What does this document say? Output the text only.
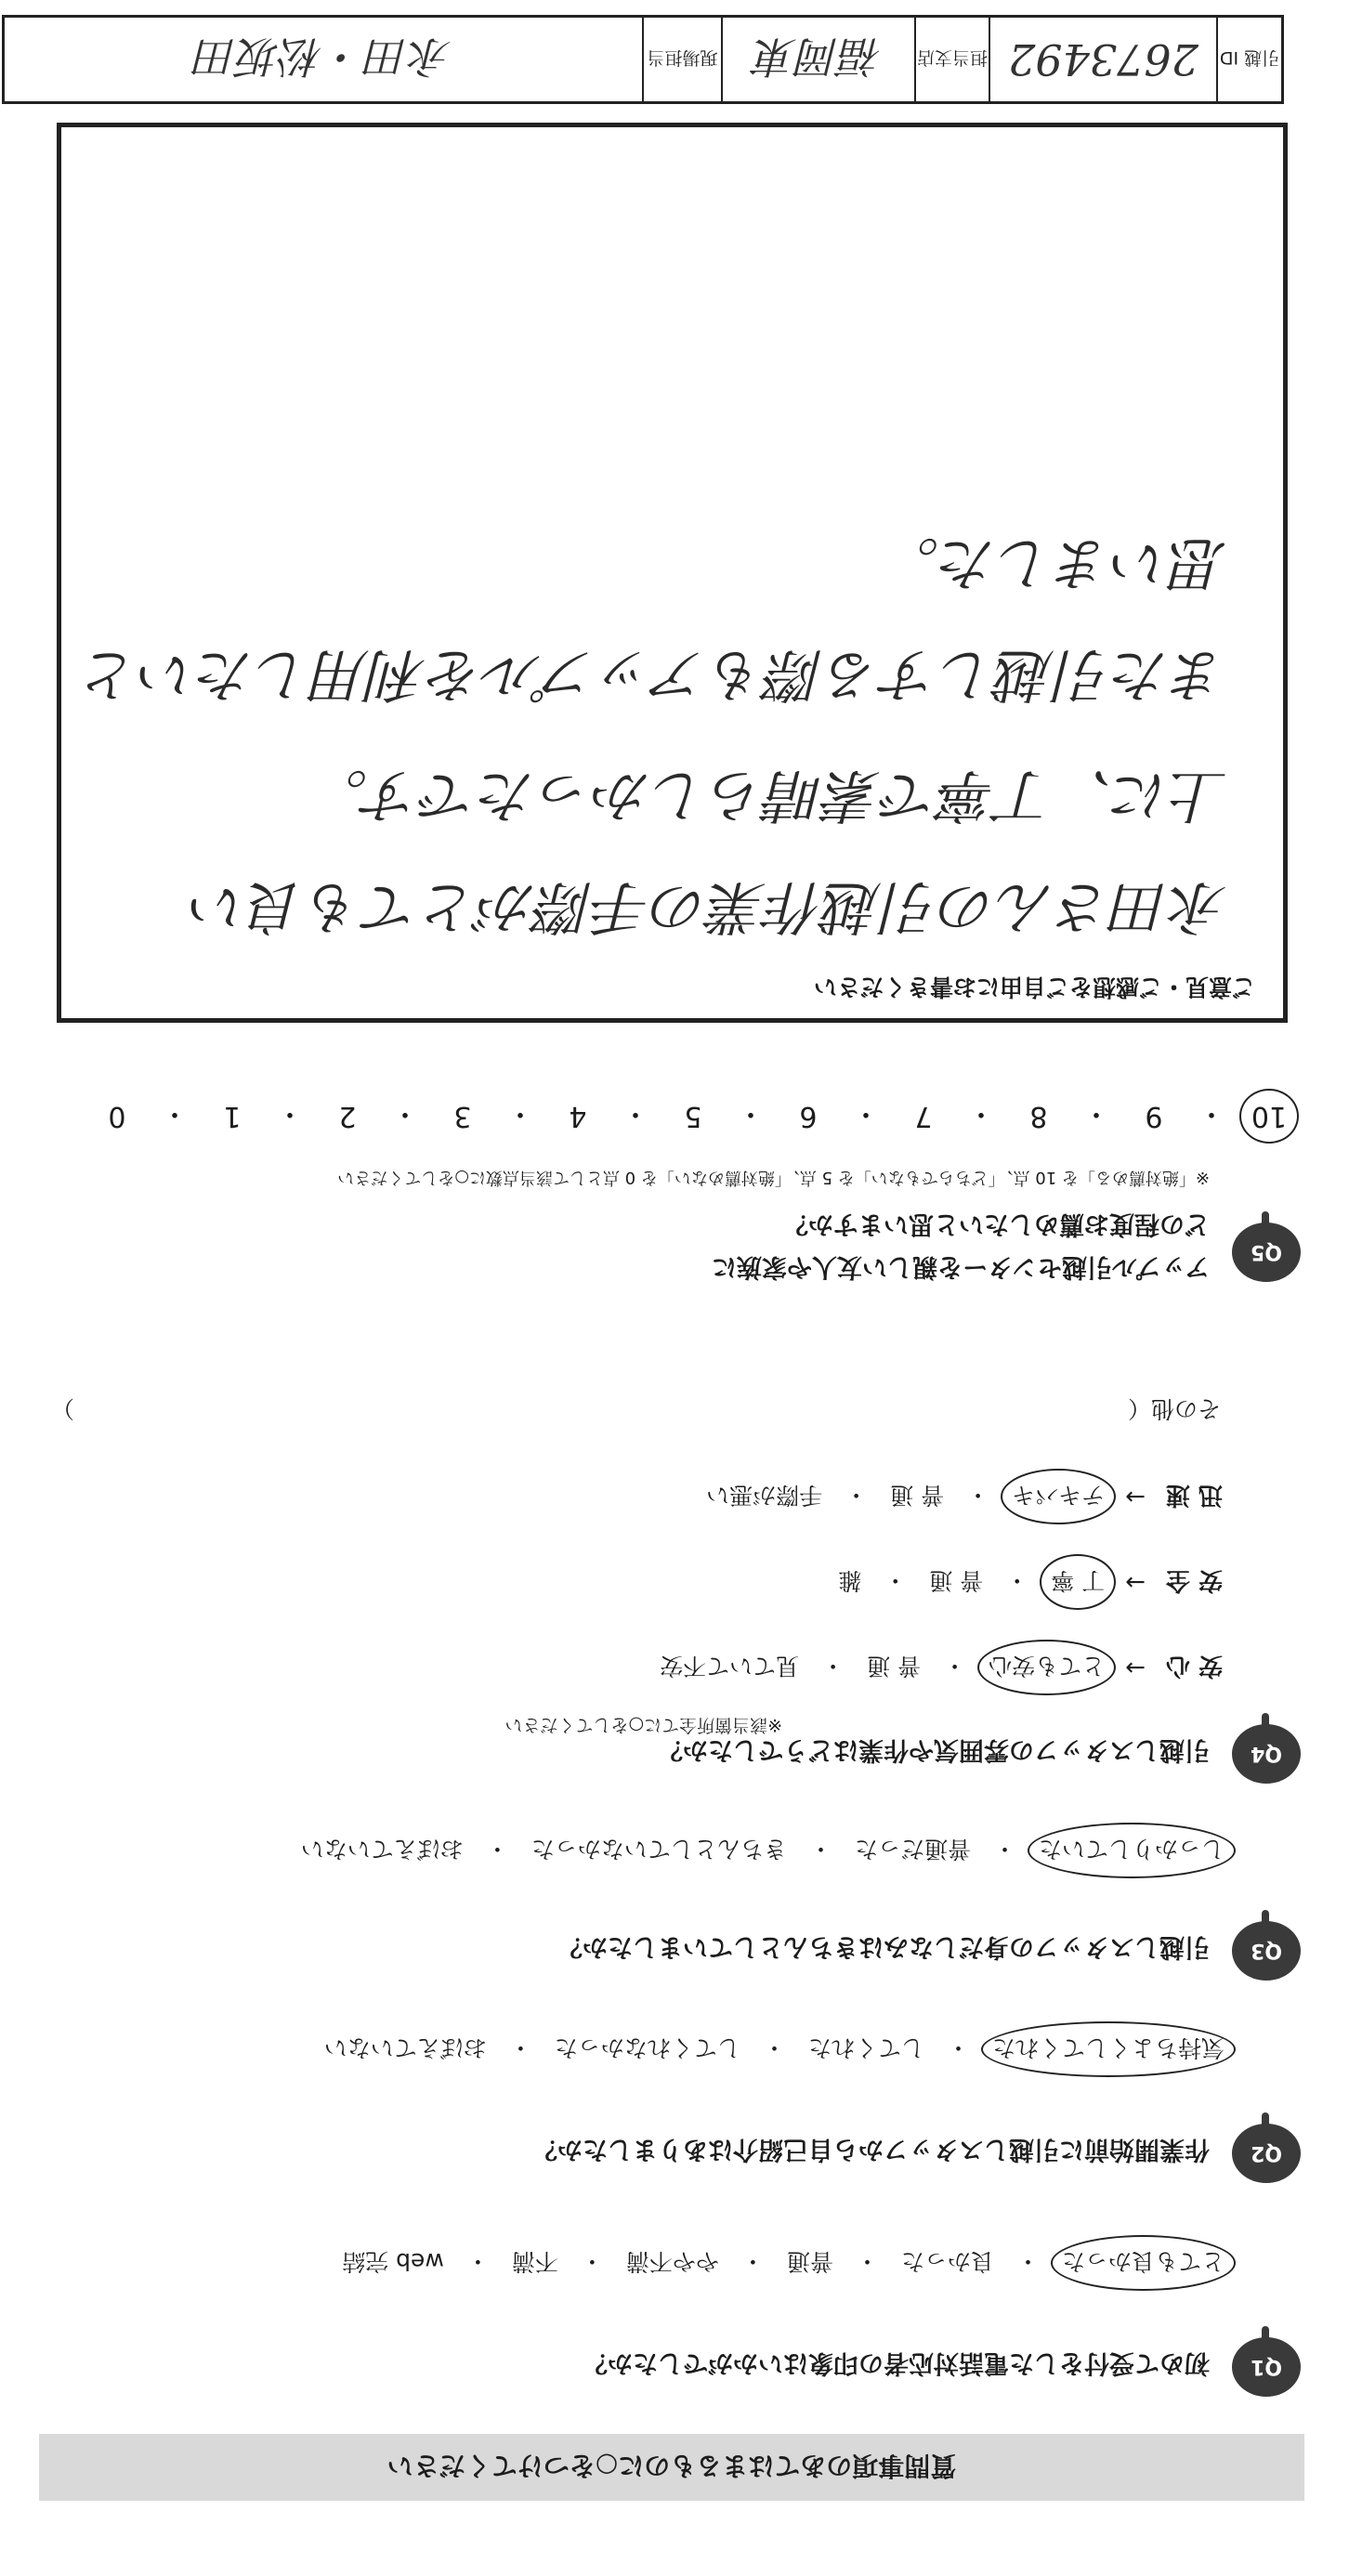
引越 ID
2673492
担当支店
福岡東
現場担当
永田・松坂田
質問事項のあてはまるものに○をつけてください
Q1
初めて受付をした電話対応者の印象はいかがでしたか？
とても良かった
・
良かった
・
普通
・
やや不満
・
不満
・
web 完結
Q2
作業開始前に引越しスタッフから自己紹介はありましたか？
気持ちよくしてくれた
・
してくれた
・
してくれなかった
・
おぼえていない
Q3
引越しスタッフの身だしなみはきちんとしていましたか？
しっかりしていた
・
普通だった
・
きちんとしていなかった
・
おぼえていない
Q4
引越しスタッフの雰囲気や作業はどうでしたか？
※該当箇所全てに○をしてください
安 心
→
とても安心
・
普 通
・
見ていて不安
安 全
→
丁 寧
・
普 通
・
雑
迅 速
→
テキパキ
・
普 通
・
手際が悪い
その他（
）
Q5
アップル引越センターを親しい友人や家族に
どの程度お薦めしたいと思いますか？
※「絶対薦める」を 10 点、「どちらでもない」を 5 点、「絶対薦めない」を 0 点として該当点数に○をしてください
10
・
9
・
8
・
7
・
6
・
5
・
4
・
3
・
2
・
1
・
0
ご意見・ご感想をご自由にお書きください
永田さんの引越作業の手際がとても良い
上に、丁寧で素晴らしかったです。
また引越しする際もアップルを利用したいと
思いました。
